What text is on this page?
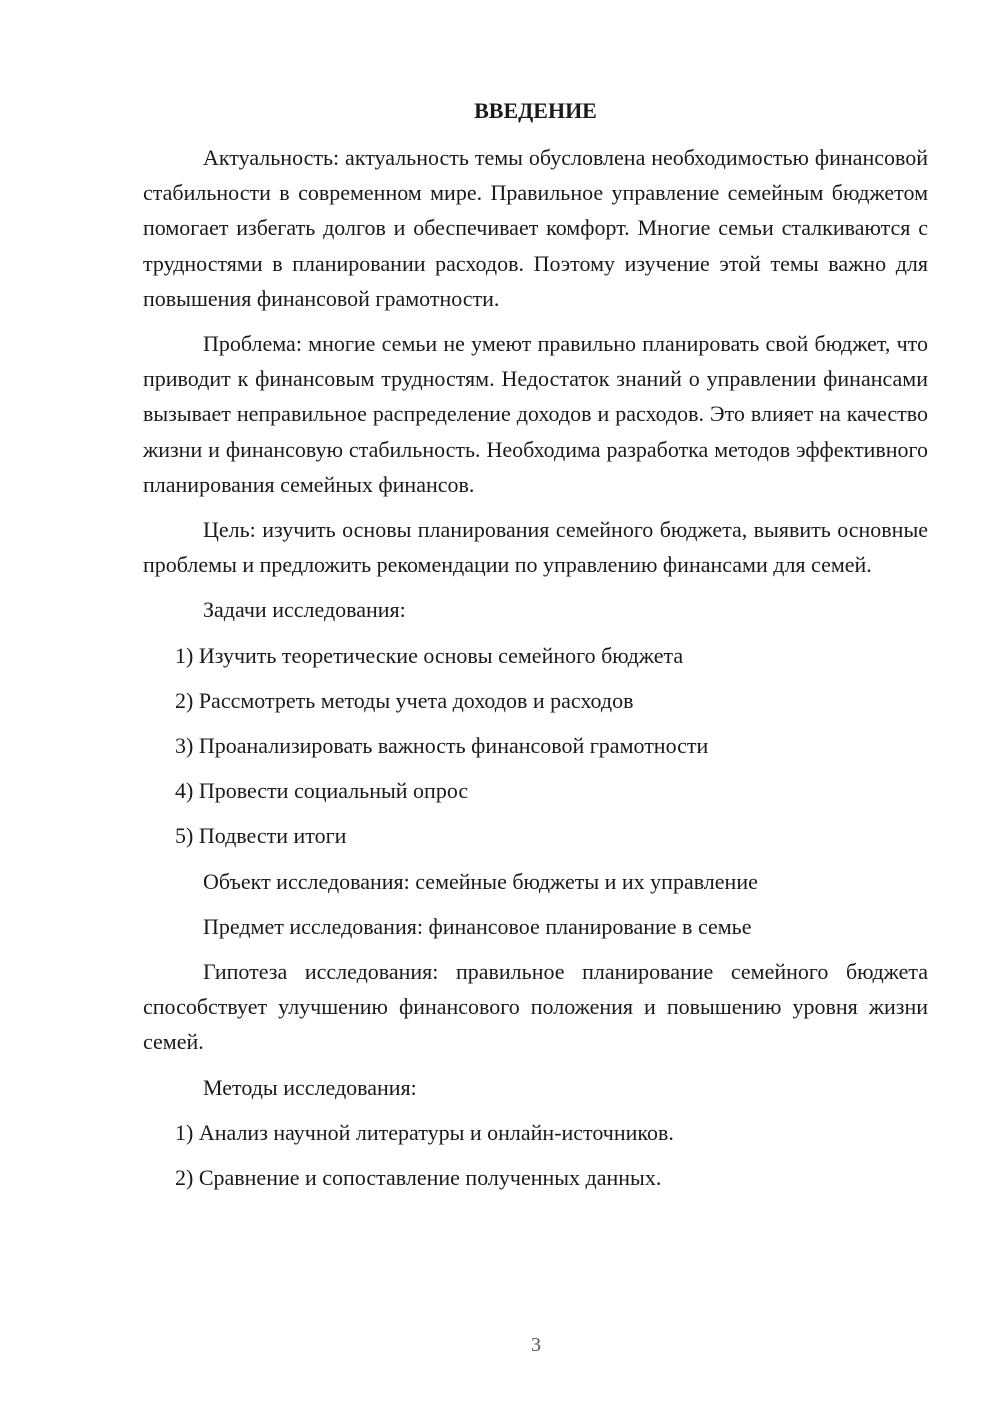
ВВЕДЕНИЕ

Актуальность: актуальность темы обусловлена необходимостью финансовой стабильности в современном мире. Правильное управление семейным бюджетом помогает избегать долгов и обеспечивает комфорт. Многие семьи сталкиваются с трудностями в планировании расходов. Поэтому изучение этой темы важно для повышения финансовой грамотности.

Проблема: многие семьи не умеют правильно планировать свой бюджет, что приводит к финансовым трудностям. Недостаток знаний о управлении финансами вызывает неправильное распределение доходов и расходов. Это влияет на качество жизни и финансовую стабильность. Необходима разработка методов эффективного планирования семейных финансов.

Цель: изучить основы планирования семейного бюджета, выявить основные проблемы и предложить рекомендации по управлению финансами для семей.

Задачи исследования:

1) Изучить теоретические основы семейного бюджета

2) Рассмотреть методы учета доходов и расходов

3) Проанализировать важность финансовой грамотности

4) Провести социальный опрос

5) Подвести итоги

Объект исследования: семейные бюджеты и их управление

Предмет исследования: финансовое планирование в семье

Гипотеза исследования: правильное планирование семейного бюджета способствует улучшению финансового положения и повышению уровня жизни семей.

Методы исследования:

1) Анализ научной литературы и онлайн-источников.

2) Сравнение и сопоставление полученных данных.

3
